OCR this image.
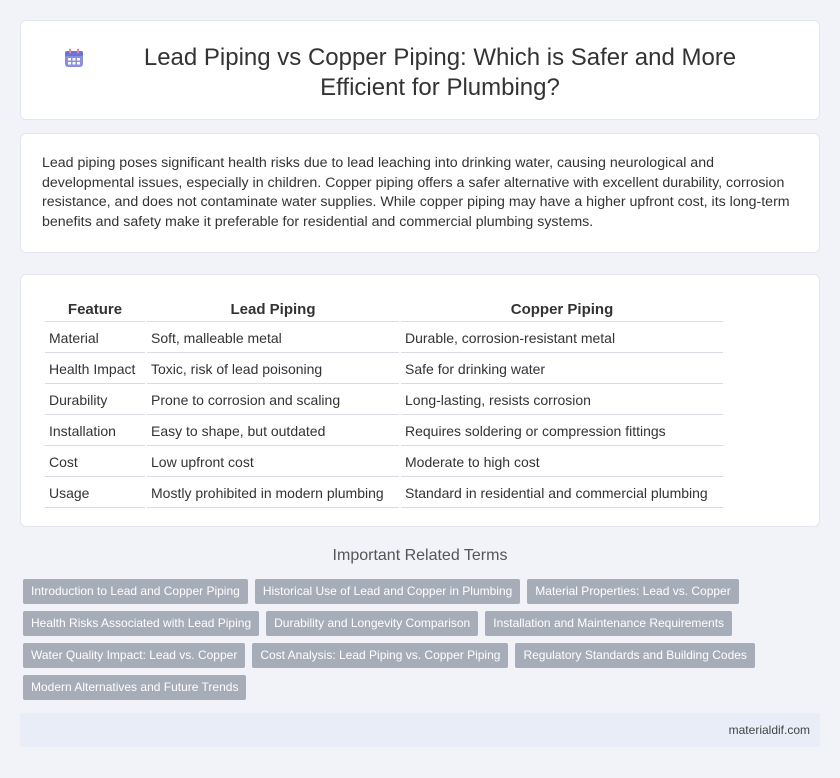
Lead Piping vs Copper Piping: Which is Safer and More Efficient for Plumbing?

Lead piping poses significant health risks due to lead leaching into drinking water, causing neurological and developmental issues, especially in children. Copper piping offers a safer alternative with excellent durability, corrosion resistance, and does not contaminate water supplies. While copper piping may have a higher upfront cost, its long-term benefits and safety make it preferable for residential and commercial plumbing systems.

Feature	Lead Piping	Copper Piping
Material	Soft, malleable metal	Durable, corrosion-resistant metal
Health Impact	Toxic, risk of lead poisoning	Safe for drinking water
Durability	Prone to corrosion and scaling	Long-lasting, resists corrosion
Installation	Easy to shape, but outdated	Requires soldering or compression fittings
Cost	Low upfront cost	Moderate to high cost
Usage	Mostly prohibited in modern plumbing	Standard in residential and commercial plumbing
Important Related Terms
Introduction to Lead and Copper Piping	Historical Use of Lead and Copper in Plumbing	Material Properties: Lead vs. Copper
Health Risks Associated with Lead Piping	Durability and Longevity Comparison	Installation and Maintenance Requirements
Water Quality Impact: Lead vs. Copper	Cost Analysis: Lead Piping vs. Copper Piping	Regulatory Standards and Building Codes
Modern Alternatives and Future Trends
materialdif.com
